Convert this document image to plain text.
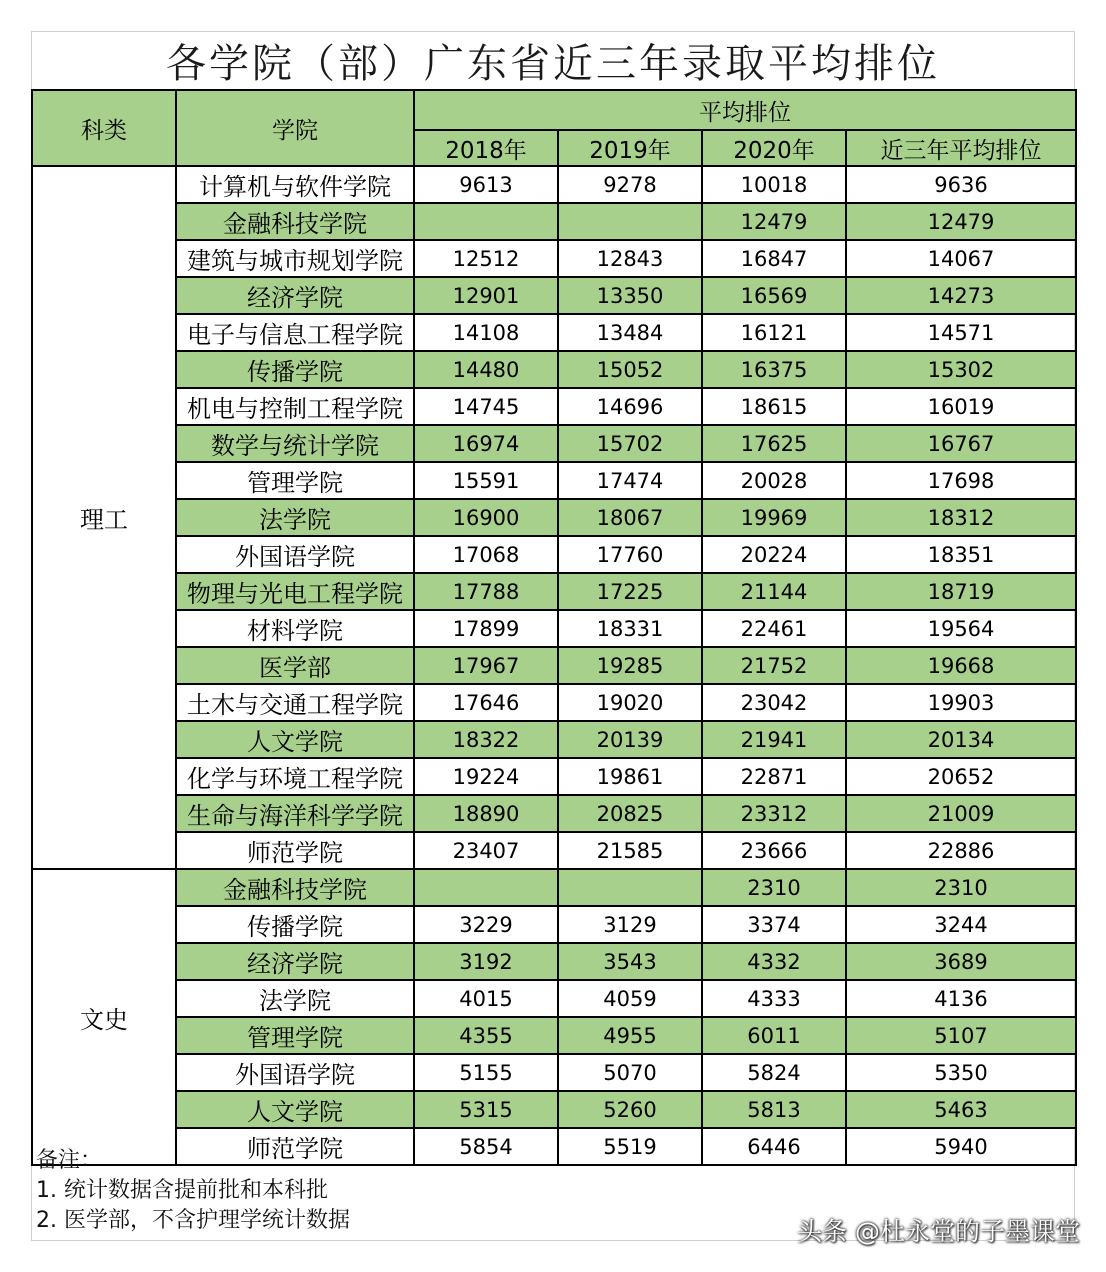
各学院（部）广东省近三年录取平均排位
科类	学院	平均排位			
		2018年	2019年	2020年	近三年平均排位
理工	计算机与软件学院	9613	9278	10018	9636
	金融科技学院			12479	12479
	建筑与城市规划学院	12512	12843	16847	14067
	经济学院	12901	13350	16569	14273
	电子与信息工程学院	14108	13484	16121	14571
	传播学院	14480	15052	16375	15302
	机电与控制工程学院	14745	14696	18615	16019
	数学与统计学院	16974	15702	17625	16767
	管理学院	15591	17474	20028	17698
	法学院	16900	18067	19969	18312
	外国语学院	17068	17760	20224	18351
	物理与光电工程学院	17788	17225	21144	18719
	材料学院	17899	18331	22461	19564
	医学部	17967	19285	21752	19668
	土木与交通工程学院	17646	19020	23042	19903
	人文学院	18322	20139	21941	20134
	化学与环境工程学院	19224	19861	22871	20652
	生命与海洋科学学院	18890	20825	23312	21009
	师范学院	23407	21585	23666	22886
文史	金融科技学院			2310	2310
	传播学院	3229	3129	3374	3244
	经济学院	3192	3543	4332	3689
	法学院	4015	4059	4333	4136
	管理学院	4355	4955	6011	5107
	外国语学院	5155	5070	5824	5350
	人文学院	5315	5260	5813	5463
	师范学院	5854	5519	6446	5940
备注：
1. 统计数据含提前批和本科批
2. 医学部，不含护理学统计数据	头条 @杜永堂的子墨课堂
